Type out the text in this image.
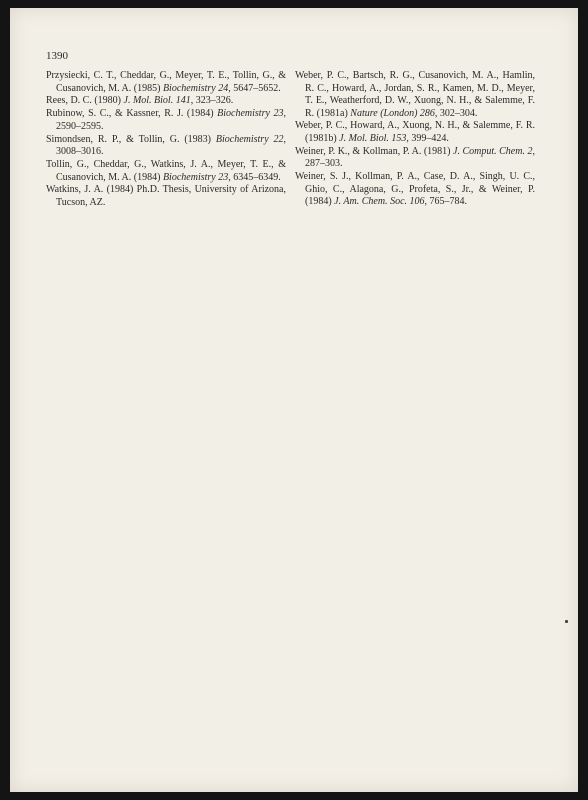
1390

Przysiecki, C. T., Cheddar, G., Meyer, T. E., Tollin, G., & Cusanovich, M. A. (1985) Biochemistry 24, 5647–5652.

Rees, D. C. (1980) J. Mol. Biol. 141, 323–326.

Rubinow, S. C., & Kassner, R. J. (1984) Biochemistry 23, 2590–2595.

Simondsen, R. P., & Tollin, G. (1983) Biochemistry 22, 3008–3016.

Tollin, G., Cheddar, G., Watkins, J. A., Meyer, T. E., & Cusanovich, M. A. (1984) Biochemistry 23, 6345–6349.

Watkins, J. A. (1984) Ph.D. Thesis, University of Arizona, Tucson, AZ.

Weber, P. C., Bartsch, R. G., Cusanovich, M. A., Hamlin, R. C., Howard, A., Jordan, S. R., Kamen, M. D., Meyer, T. E., Weatherford, D. W., Xuong, N. H., & Salemme, F. R. (1981a) Nature (London) 286, 302–304.

Weber, P. C., Howard, A., Xuong, N. H., & Salemme, F. R. (1981b) J. Mol. Biol. 153, 399–424.

Weiner, P. K., & Kollman, P. A. (1981) J. Comput. Chem. 2, 287–303.

Weiner, S. J., Kollman, P. A., Case, D. A., Singh, U. C., Ghio, C., Alagona, G., Profeta, S., Jr., & Weiner, P. (1984) J. Am. Chem. Soc. 106, 765–784.
